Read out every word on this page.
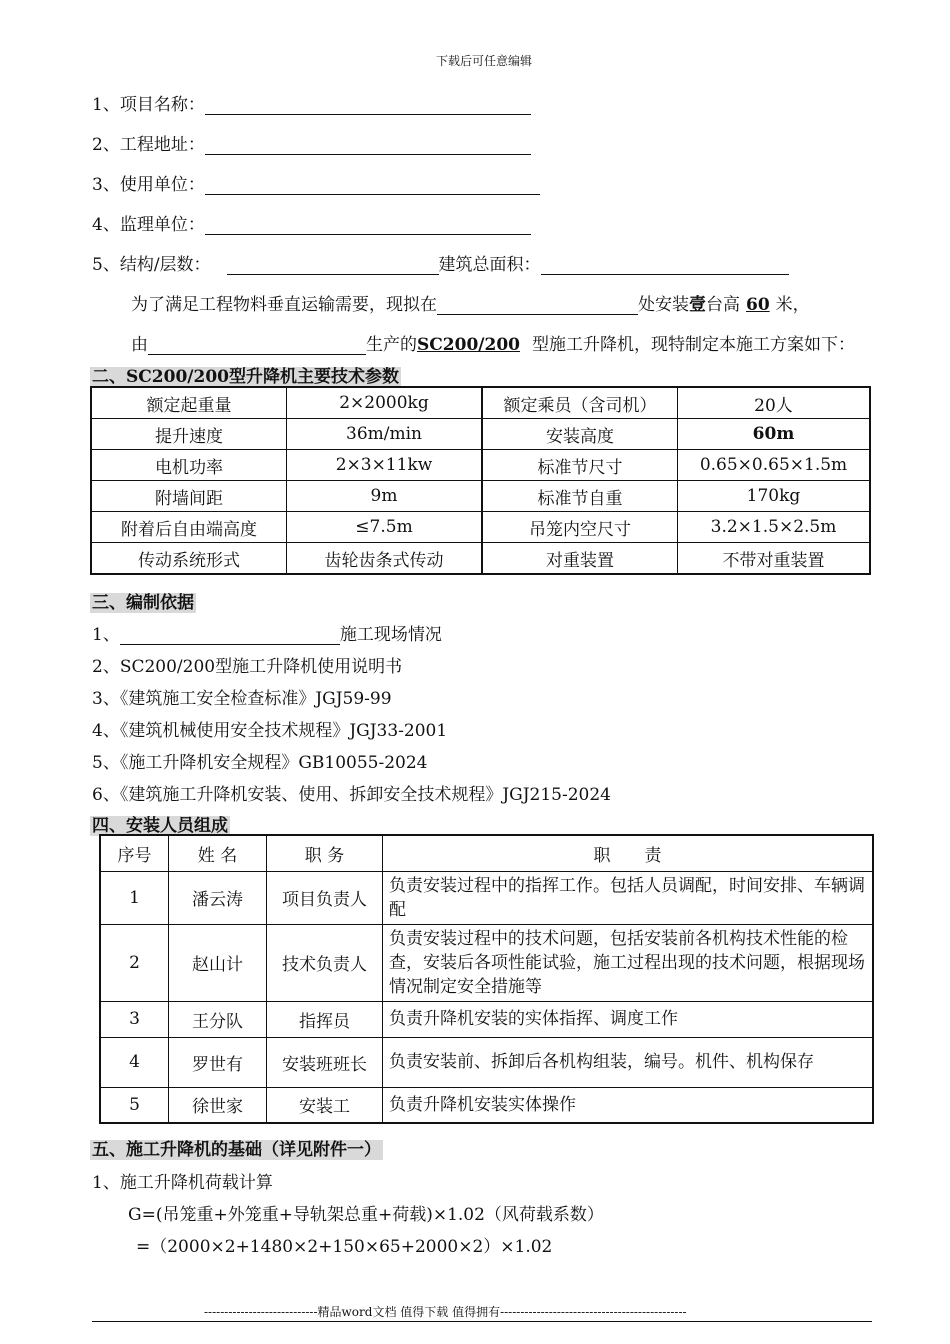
下载后可任意编辑
1、项目名称：
2、工程地址：
3、使用单位：
4、监理单位：
5、结构/层数：	建筑总面积：
为了满足工程物料垂直运输需要，现拟在	处安装壹台高 60 米，
由	生产的SC200/200 型施工升降机，现特制定本施工方案如下：
二、SC200/200型升降机主要技术参数
额定起重量	2×2000kg	额定乘员（含司机）	20人
提升速度	36m/min	安装高度	60m
电机功率	2×3×11kw	标准节尺寸	0.65×0.65×1.5m
附墙间距	9m	标准节自重	170kg
附着后自由端高度	≤7.5m	吊笼内空尺寸	3.2×1.5×2.5m
传动系统形式	齿轮齿条式传动	对重装置	不带对重装置
三、编制依据
1、	施工现场情况
2、SC200/200型施工升降机使用说明书
3、《建筑施工安全检查标准》JGJ59-99
4、《建筑机械使用安全技术规程》JGJ33-2001
5、《施工升降机安全规程》GB10055-2024
6、《建筑施工升降机安装、使用、拆卸安全技术规程》JGJ215-2024
四、安装人员组成
序号	姓 名	职 务	职　　责
1	潘云涛	项目负责人	负责安装过程中的指挥工作。包括人员调配，时间安排、车辆调配
2	赵山计	技术负责人	负责安装过程中的技术问题，包括安装前各机构技术性能的检查，安装后各项性能试验，施工过程出现的技术问题，根据现场情况制定安全措施等
3	王分队	指挥员	负责升降机安装的实体指挥、调度工作
4	罗世有	安装班班长	负责安装前、拆卸后各机构组装，编号。机件、机构保存
5	徐世家	安装工	负责升降机安装实体操作
五、施工升降机的基础（详见附件一）
1、施工升降机荷载计算
G=(吊笼重+外笼重+导轨架总重+荷载)×1.02（风荷载系数）
=（2000×2+1480×2+150×65+2000×2）×1.02
----------------------------精品word文档 值得下载 值得拥有----------------------------------------------
